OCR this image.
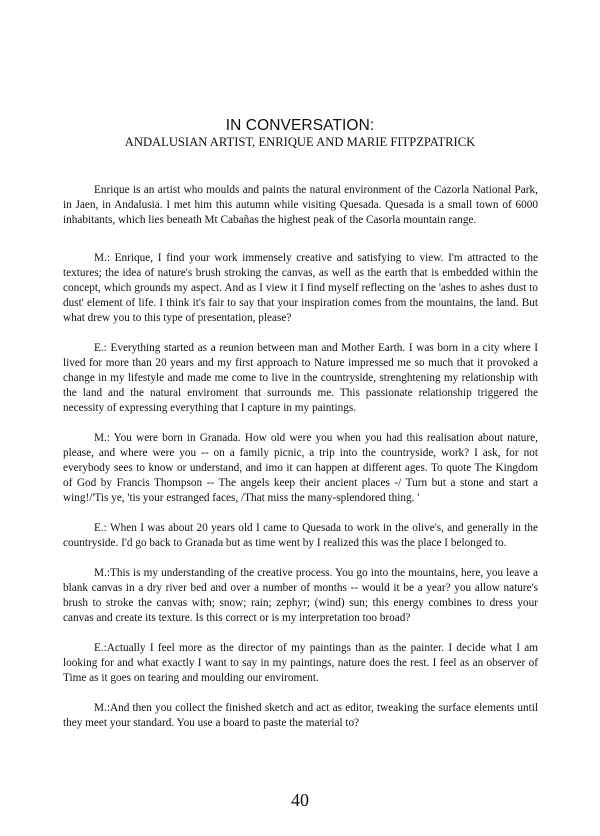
IN CONVERSATION:
ANDALUSIAN ARTIST, ENRIQUE AND MARIE FITPZPATRICK

Enrique is an artist who moulds and paints the natural environment of the Cazorla National Park, in Jaen, in Andalusia. I met him this autumn while visiting Quesada. Quesada is a small town of 6000 inhabitants, which lies beneath Mt Cabañas the highest peak of the Casorla mountain range.

M.: Enrique, I find your work immensely creative and satisfying to view. I'm attracted to the textures; the idea of nature's brush stroking the canvas, as well as the earth that is embedded within the concept, which grounds my aspect. And as I view it I find myself reflecting on the 'ashes to ashes dust to dust' element of life. I think it's fair to say that your inspiration comes from the mountains, the land. But what drew you to this type of presentation, please?

E.: Everything started as a reunion between man and Mother Earth. I was born in a city where I lived for more than 20 years and my first approach to Nature impressed me so much that it provoked a change in my lifestyle and made me come to live in the countryside, strenghtening my relationship with the land and the natural enviroment that surrounds me. This passionate relationship triggered the necessity of expressing everything that I capture in my paintings.

M.: You were born in Granada. How old were you when you had this realisation about nature, please, and where were you -- on a family picnic, a trip into the countryside, work? I ask, for not everybody sees to know or understand, and imo it can happen at different ages. To quote The Kingdom of God by Francis Thompson -- The angels keep their ancient places -/ Turn but a stone and start a wing!/'Tis ye, 'tis your estranged faces, /That miss the many-splendored thing. '

E.: When I was about 20 years old I came to Quesada to work in the olive's, and generally in the countryside. I'd go back to Granada but as time went by I realized this was the place I belonged to.

M.:This is my understanding of the creative process. You go into the mountains, here, you leave a blank canvas in a dry river bed and over a number of months -- would it be a year? you allow nature's brush to stroke the canvas with; snow; rain; zephyr; (wind) sun; this energy combines to dress your canvas and create its texture. Is this correct or is my interpretation too broad?

E.:Actually I feel more as the director of my paintings than as the painter. I decide what I am looking for and what exactly I want to say in my paintings, nature does the rest. I feel as an observer of Time as it goes on tearing and moulding our enviroment.

M.:And then you collect the finished sketch and act as editor, tweaking the surface elements until they meet your standard. You use a board to paste the material to?

40
